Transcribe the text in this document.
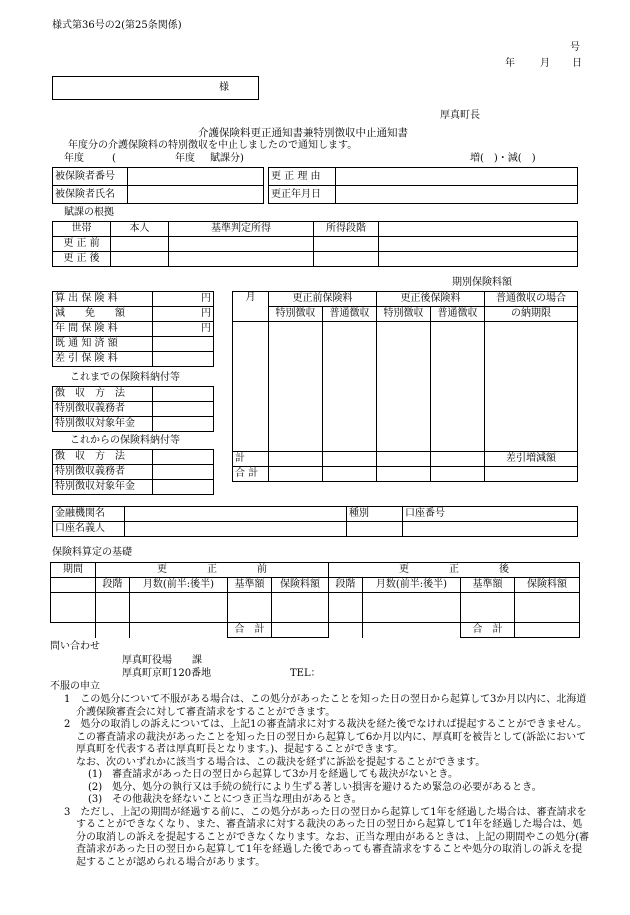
様式第36号の2(第25条関係)
号
年	月 日
様
厚真町長
介護保険料更正通知書兼特別徴収中止通知書
年度分の介護保険料の特別徴収を中止しましたので通知します。
年度	(	年度 賦課分)	増(　)・減(　)
被保険者番号			更 正 理 由	
被保険者氏名			更正年月日	
賦課の根拠
世帯	本人	基準判定所得	所得段階	
更 正 前				
更 正 後				
期別保険料額
算 出 保 険 料	円
減　　免　　額	円
年 間 保 険 料	円
既 通 知 済 額	
差 引 保 険 料	
これまでの保険料納付等
徴　収　方　法	
特別徴収義務者	
特別徴収対象年金	
これからの保険料納付等
徴　収　方　法	
特別徴収義務者	
特別徴収対象年金	
月	更正前保険料		更正後保険料		普通徴収の場合
	特別徴収	普通徴収	特別徴収	普通徴収	の納期限

計					差引増減額
合 計					
金融機関名		種別	口座番号
口座名義人			
保険料算定の基礎
期間	更　　　　正　　　　前				更　　　　正　　　　後			
	段階	月数(前半:後半)	基準額	保険料額	段階	月数(前半:後半)	基準額	保険料額

			合　計				合　計	
問い合わせ
厚真町役場　　課
厚真町京町120番地	TEL：
不服の申立
1　この処分について不服がある場合は、この処分があったことを知った日の翌日から起算して3か月以内に、北海道介護保険審査会に対して審査請求をすることができます。
2　処分の取消しの訴えについては、上記1の審査請求に対する裁決を経た後でなければ提起することができません。この審査請求の裁決があったことを知った日の翌日から起算して6か月以内に、厚真町を被告として(訴訟において厚真町を代表する者は厚真町長となります。)、提起することができます。
なお、次のいずれかに該当する場合は、この裁決を経ずに訴訟を提起することができます。
(1)　審査請求があった日の翌日から起算して3か月を経過しても裁決がないとき。
(2)　処分、処分の執行又は手続の続行により生ずる著しい損害を避けるため緊急の必要があるとき。
(3)　その他裁決を経ないことにつき正当な理由があるとき。
3　ただし、上記の期間が経過する前に、この処分があった日の翌日から起算して1年を経過した場合は、審査請求をすることができなくなり、また、審査請求に対する裁決のあった日の翌日から起算して1年を経過した場合は、処分の取消しの訴えを提起することができなくなります。なお、正当な理由があるときは、上記の期間やこの処分(審査請求があった日の翌日から起算して1年を経過した後であっても審査請求をすることや処分の取消しの訴えを提起することが認められる場合があります。
